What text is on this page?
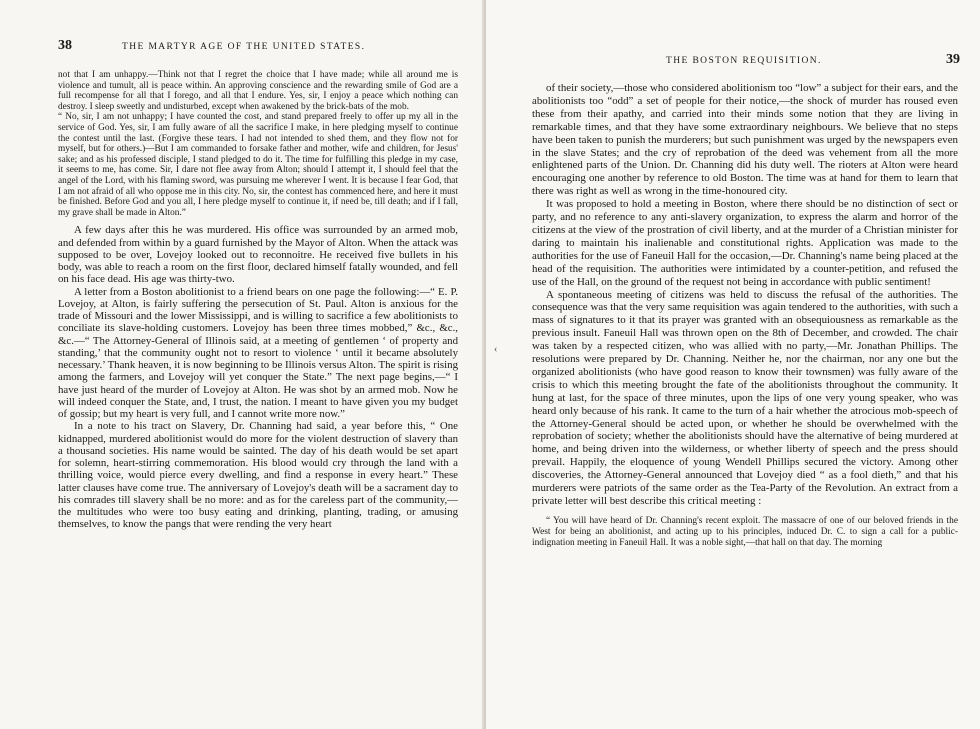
38	THE MARTYR AGE OF THE UNITED STATES.

not that I am unhappy.—Think not that I regret the choice that I have made; while all around me is violence and tumult, all is peace within. An approving conscience and the rewarding smile of God are a full recompense for all that I forego, and all that I endure. Yes, sir, I enjoy a peace which nothing can destroy. I sleep sweetly and undisturbed, except when awakened by the brick-bats of the mob.

“ No, sir, I am not unhappy; I have counted the cost, and stand prepared freely to offer up my all in the service of God. Yes, sir, I am fully aware of all the sacrifice I make, in here pledging myself to continue the contest until the last. (Forgive these tears. I had not intended to shed them, and they flow not for myself, but for others.)—But I am commanded to forsake father and mother, wife and children, for Jesus' sake; and as his professed disciple, I stand pledged to do it. The time for fulfilling this pledge in my case, it seems to me, has come. Sir, I dare not flee away from Alton; should I attempt it, I should feel that the angel of the Lord, with his flaming sword, was pursuing me wherever I went. It is because I fear God, that I am not afraid of all who oppose me in this city. No, sir, the contest has commenced here, and here it must be finished. Before God and you all, I here pledge myself to continue it, if need be, till death; and if I fall, my grave shall be made in Alton.”

A few days after this he was murdered. His office was surrounded by an armed mob, and defended from within by a guard furnished by the Mayor of Alton. When the attack was supposed to be over, Lovejoy looked out to reconnoitre. He received five bullets in his body, was able to reach a room on the first floor, declared himself fatally wounded, and fell on his face dead. His age was thirty-two.

A letter from a Boston abolitionist to a friend bears on one page the following:—“ E. P. Lovejoy, at Alton, is fairly suffering the persecution of St. Paul. Alton is anxious for the trade of Missouri and the lower Mississippi, and is willing to sacrifice a few abolitionists to conciliate its slave-holding customers. Lovejoy has been three times mobbed,” &c., &c., &c.—“ The Attorney-General of Illinois said, at a meeting of gentlemen ‘ of property and standing,’ that the community ought not to resort to violence ‘ until it became absolutely necessary.’ Thank heaven, it is now beginning to be Illinois versus Alton. The spirit is rising among the farmers, and Lovejoy will yet conquer the State.” The next page begins,—“ I have just heard of the murder of Lovejoy at Alton. He was shot by an armed mob. Now he will indeed conquer the State, and, I trust, the nation. I meant to have given you my budget of gossip; but my heart is very full, and I cannot write more now.”

In a note to his tract on Slavery, Dr. Channing had said, a year before this, “ One kidnapped, murdered abolitionist would do more for the violent destruction of slavery than a thousand societies. His name would be sainted. The day of his death would be set apart for solemn, heart-stirring commemoration. His blood would cry through the land with a thrilling voice, would pierce every dwelling, and find a response in every heart.” These latter clauses have come true. The anniversary of Lovejoy's death will be a sacrament day to his comrades till slavery shall be no more: and as for the careless part of the community,—the multitudes who were too busy eating and drinking, planting, trading, or amusing themselves, to know the pangs that were rending the very heart

‹
THE BOSTON REQUISITION.	39

of their society,—those who considered abolitionism too “low” a subject for their ears, and the abolitionists too “odd” a set of people for their notice,—the shock of murder has roused even these from their apathy, and carried into their minds some notion that they are living in remarkable times, and that they have some extraordinary neighbours. We believe that no steps have been taken to punish the murderers; but such punishment was urged by the newspapers even in the slave States; and the cry of reprobation of the deed was vehement from all the more enlightened parts of the Union. Dr. Channing did his duty well. The rioters at Alton were heard encouraging one another by reference to old Boston. The time was at hand for them to learn that there was right as well as wrong in the time-honoured city.

It was proposed to hold a meeting in Boston, where there should be no distinction of sect or party, and no reference to any anti-slavery organization, to express the alarm and horror of the citizens at the view of the prostration of civil liberty, and at the murder of a Christian minister for daring to maintain his inalienable and constitutional rights. Application was made to the authorities for the use of Faneuil Hall for the occasion,—Dr. Channing's name being placed at the head of the requisition. The authorities were intimidated by a counter-petition, and refused the use of the Hall, on the ground of the request not being in accordance with public sentiment!

A spontaneous meeting of citizens was held to discuss the refusal of the authorities. The consequence was that the very same requisition was again tendered to the authorities, with such a mass of signatures to it that its prayer was granted with an obsequiousness as remarkable as the previous insult. Faneuil Hall was thrown open on the 8th of December, and crowded. The chair was taken by a respected citizen, who was allied with no party,—Mr. Jonathan Phillips. The resolutions were prepared by Dr. Channing. Neither he, nor the chairman, nor any one but the organized abolitionists (who have good reason to know their townsmen) was fully aware of the crisis to which this meeting brought the fate of the abolitionists throughout the community. It hung at last, for the space of three minutes, upon the lips of one very young speaker, who was heard only because of his rank. It came to the turn of a hair whether the atrocious mob-speech of the Attorney-General should be acted upon, or whether he should be overwhelmed with the reprobation of society; whether the abolitionists should have the alternative of being murdered at home, and being driven into the wilderness, or whether liberty of speech and the press should prevail. Happily, the eloquence of young Wendell Phillips secured the victory. Among other discoveries, the Attorney-General announced that Lovejoy died “ as a fool dieth,” and that his murderers were patriots of the same order as the Tea-Party of the Revolution. An extract from a private letter will best describe this critical meeting :

“ You will have heard of Dr. Channing's recent exploit. The massacre of one of our beloved friends in the West for being an abolitionist, and acting up to his principles, induced Dr. C. to sign a call for a public-indignation meeting in Faneuil Hall. It was a noble sight,—that hall on that day. The morning
